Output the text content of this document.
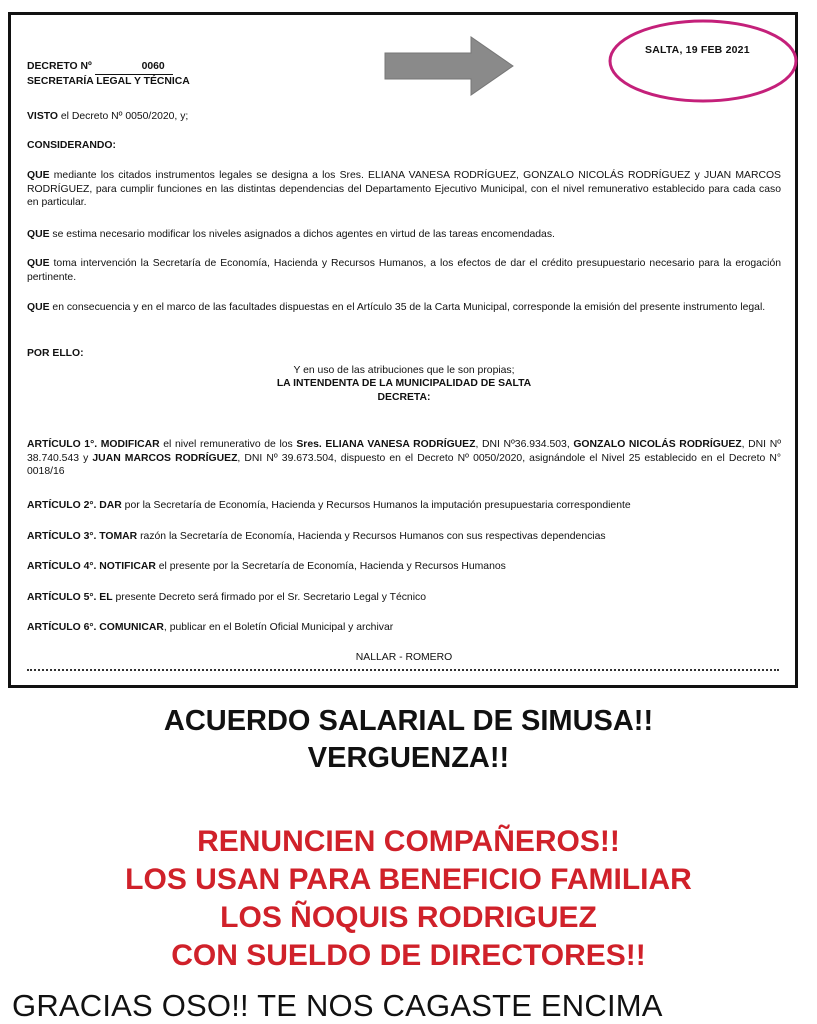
SALTA, 19 FEB 2021
DECRETO Nº	0060
SECRETARÍA LEGAL Y TÉCNICA
VISTO el Decreto Nº 0050/2020, y;
CONSIDERANDO:
QUE mediante los citados instrumentos legales se designa a los Sres. ELIANA VANESA RODRÍGUEZ, GONZALO NICOLÁS RODRÍGUEZ y JUAN MARCOS RODRÍGUEZ, para cumplir funciones en las distintas dependencias del Departamento Ejecutivo Municipal, con el nivel remunerativo establecido para cada caso en particular.
QUE se estima necesario modificar los niveles asignados a dichos agentes en virtud de las tareas encomendadas.
QUE toma intervención la Secretaría de Economía, Hacienda y Recursos Humanos, a los efectos de dar el crédito presupuestario necesario para la erogación pertinente.
QUE en consecuencia y en el marco de las facultades dispuestas en el Artículo 35 de la Carta Municipal, corresponde la emisión del presente instrumento legal.
POR ELLO:
Y en uso de las atribuciones que le son propias;
LA INTENDENTA DE LA MUNICIPALIDAD DE SALTA
DECRETA:
ARTÍCULO 1°. MODIFICAR el nivel remunerativo de los Sres. ELIANA VANESA RODRÍGUEZ, DNI Nº36.934.503, GONZALO NICOLÁS RODRÍGUEZ, DNI Nº 38.740.543 y JUAN MARCOS RODRÍGUEZ, DNI Nº 39.673.504, dispuesto en el Decreto Nº 0050/2020, asignándole el Nivel 25 establecido en el Decreto N° 0018/16
ARTÍCULO 2°. DAR por la Secretaría de Economía, Hacienda y Recursos Humanos la imputación presupuestaria correspondiente
ARTÍCULO 3°. TOMAR razón la Secretaría de Economía, Hacienda y Recursos Humanos con sus respectivas dependencias
ARTÍCULO 4°. NOTIFICAR el presente por la Secretaría de Economía, Hacienda y Recursos Humanos
ARTÍCULO 5°. EL presente Decreto será firmado por el Sr. Secretario Legal y Técnico
ARTÍCULO 6°. COMUNICAR, publicar en el Boletín Oficial Municipal y archivar
NALLAR - ROMERO
ACUERDO SALARIAL DE SIMUSA!!
VERGUENZA!!
RENUNCIEN COMPAÑEROS!!
LOS USAN PARA BENEFICIO FAMILIAR
LOS ÑOQUIS RODRIGUEZ
CON SUELDO DE DIRECTORES!!
GRACIAS OSO!! TE NOS CAGASTE ENCIMA
